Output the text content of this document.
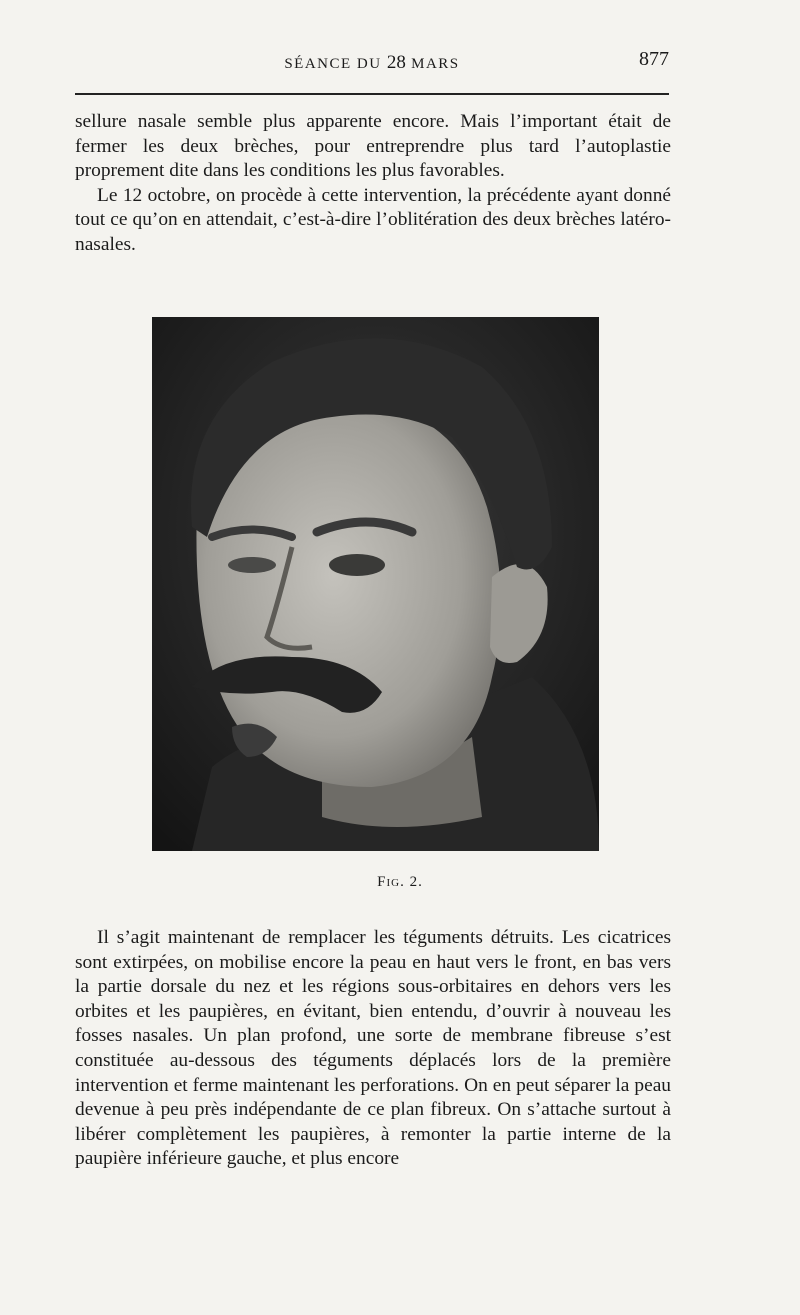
SÉANCE DU 28 MARS	877

sellure nasale semble plus apparente encore. Mais l’important était de fermer les deux brèches, pour entreprendre plus tard l’autoplastie proprement dite dans les conditions les plus favorables.

Le 12 octobre, on procède à cette intervention, la précédente ayant donné tout ce qu’on en attendait, c’est-à-dire l’oblitération des deux brèches latéro-nasales.

Fig. 2.

Il s’agit maintenant de remplacer les téguments détruits. Les cicatrices sont extirpées, on mobilise encore la peau en haut vers le front, en bas vers la partie dorsale du nez et les régions sous-orbitaires en dehors vers les orbites et les paupières, en évitant, bien entendu, d’ouvrir à nouveau les fosses nasales. Un plan profond, une sorte de membrane fibreuse s’est constituée au-dessous des téguments déplacés lors de la première intervention et ferme maintenant les perforations. On en peut séparer la peau devenue à peu près indépendante de ce plan fibreux. On s’attache surtout à libérer complètement les paupières, à remonter la partie interne de la paupière inférieure gauche, et plus encore
